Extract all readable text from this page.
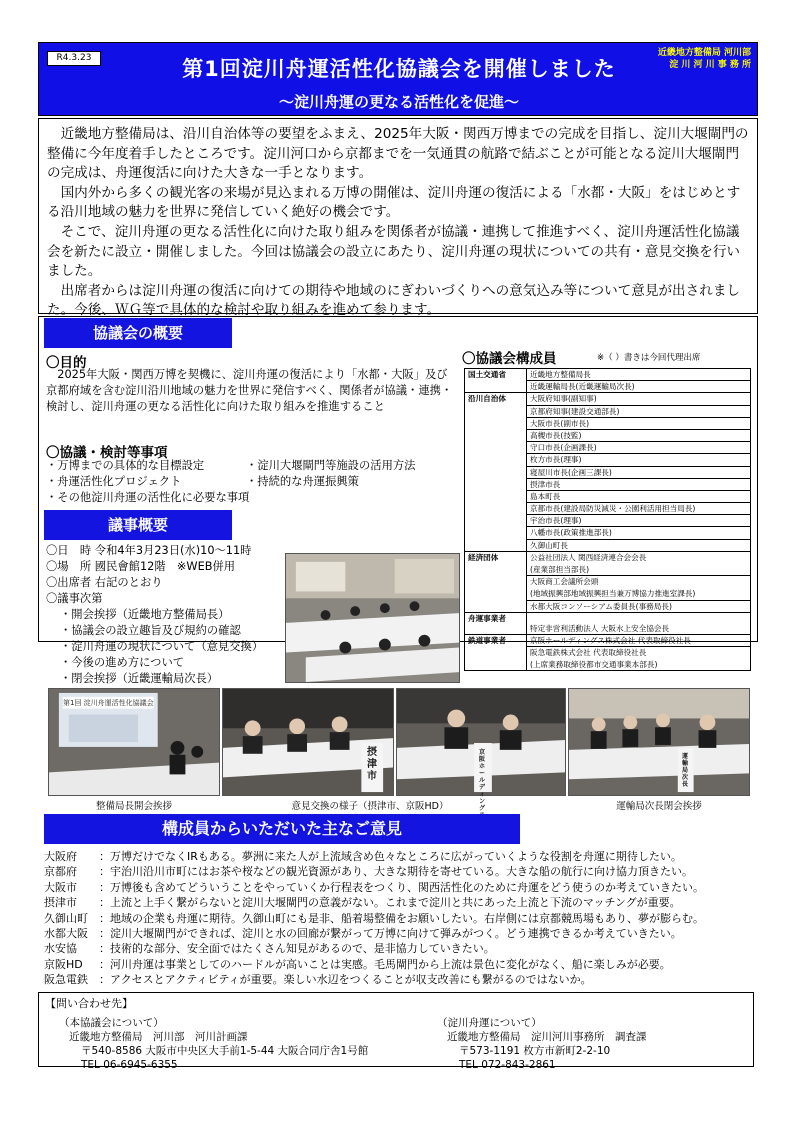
R4.3.23	第1回淀川舟運活性化協議会を開催しました
近畿地方整備局 河川部
淀 川 河 川 事 務 所
～淀川舟運の更なる活性化を促進～

近畿地方整備局は、沿川自治体等の要望をふまえ、2025年大阪・関西万博までの完成を目指し、淀川大堰閘門の整備に今年度着手したところです。淀川河口から京都までを一気通貫の航路で結ぶことが可能となる淀川大堰閘門の完成は、舟運復活に向けた大きな一手となります。

国内外から多くの観光客の来場が見込まれる万博の開催は、淀川舟運の復活による「水都・大阪」をはじめとする沿川地域の魅力を世界に発信していく絶好の機会です。

そこで、淀川舟運の更なる活性化に向けた取り組みを関係者が協議・連携して推進すべく、淀川舟運活性化協議会を新たに設立・開催しました。今回は協議会の設立にあたり、淀川舟運の現状についての共有・意見交換を行いました。

出席者からは淀川舟運の復活に向けての期待や地域のにぎわいづくりへの意気込み等について意見が出されました。今後、ＷＧ等で具体的な検討や取り組みを進めて参ります。

協議会の概要
〇目的
2025年大阪・関西万博を契機に、淀川舟運の復活により「水都・大阪」及び京都府域を含む淀川沿川地域の魅力を世界に発信すべく、関係者が協議・連携・検討し、淀川舟運の更なる活性化に向けた取り組みを推進すること
〇協議・検討等事項
・万博までの具体的な目標設定	・淀川大堰閘門等施設の活用方法
・舟運活性化プロジェクト	・持続的な舟運振興策
・その他淀川舟運の活性化に必要な事項
〇協議会構成員	※（ ）書きは今回代理出席
国土交通省	近畿地方整備局長
	近畿運輸局長(近畿運輸局次長)
沿川自治体	大阪府知事(副知事)
	京都府知事(建設交通部長)
	大阪市長(副市長)
	高槻市長(技監)
	守口市長(企画課長)
	枚方市長(理事)
	寝屋川市長(企画三課長)
	摂津市長
	島本町長
	京都市長(建設局防災減災・公園利活用担当局長)
	宇治市長(理事)
	八幡市長(政策推進部長)
	久御山町長
経済団体	公益社団法人 関西経済連合会会長
	(産業部担当部長)
	大阪商工会議所会頭
	(地域振興部地域振興担当兼万博協力推進室課長)
	水都大阪コンソーシアム委員長(事務局長)
舟運事業者	特定非営利活動法人 大阪水上安全協会長
鉄道事業者	京阪ホールディングス株式会社 代表取締役社長
	阪急電鉄株式会社 代表取締役社長
	(上席業務取締役都市交通事業本部長)
議事概要
〇日　時 令和4年3月23日(水)10～11時
〇場　所 國民會館12階　※WEB併用
〇出席者 右記のとおり
〇議事次第
・開会挨拶（近畿地方整備局長）
・協議会の設立趣旨及び規約の確認
・淀川舟運の現状について（意見交換）
・今後の進め方について
・閉会挨拶（近畿運輸局次長）
第1回 淀川舟運活性化協議会
摂津市
京阪ホールディング
運輸局次長
整備局長開会挨拶	意見交換の様子（摂津市、京阪HD）	運輸局次長閉会挨拶
構成員からいただいた主なご意見
大阪府	：万博だけでなくIRもある。夢洲に来た人が上流域含め色々なところに広がっていくような役割を舟運に期待したい。
京都府	：宇治川沿川市町にはお茶や桜などの観光資源があり、大きな期待を寄せている。大きな船の航行に向け協力頂きたい。
大阪市	：万博後も含めてどういうことをやっていくか行程表をつくり、関西活性化のために舟運をどう使うのか考えていきたい。
摂津市	：上流と上手く繋がらないと淀川大堰閘門の意義がない。これまで淀川と共にあった上流と下流のマッチングが重要。
久御山町	：地域の企業も舟運に期待。久御山町にも是非、船着場整備をお願いしたい。右岸側には京都競馬場もあり、夢が膨らむ。
水都大阪	：淀川大堰閘門ができれば、淀川と水の回廊が繋がって万博に向けて弾みがつく。どう連携できるか考えていきたい。
水安協	：技術的な部分、安全面ではたくさん知見があるので、是非協力していきたい。
京阪HD	：河川舟運は事業としてのハードルが高いことは実感。毛馬閘門から上流は景色に変化がなく、船に楽しみが必要。
阪急電鉄	：アクセスとアクティビティが重要。楽しい水辺をつくることが収支改善にも繋がるのではないか。
【問い合わせ先】
（本協議会について）
近畿地方整備局　河川部　河川計画課
〒540-8586 大阪市中央区大手前1-5-44 大阪合同庁舎1号館
TEL 06-6945-6355
（淀川舟運について）
近畿地方整備局　淀川河川事務所　調査課
〒573-1191 枚方市新町2-2-10
TEL 072-843-2861
